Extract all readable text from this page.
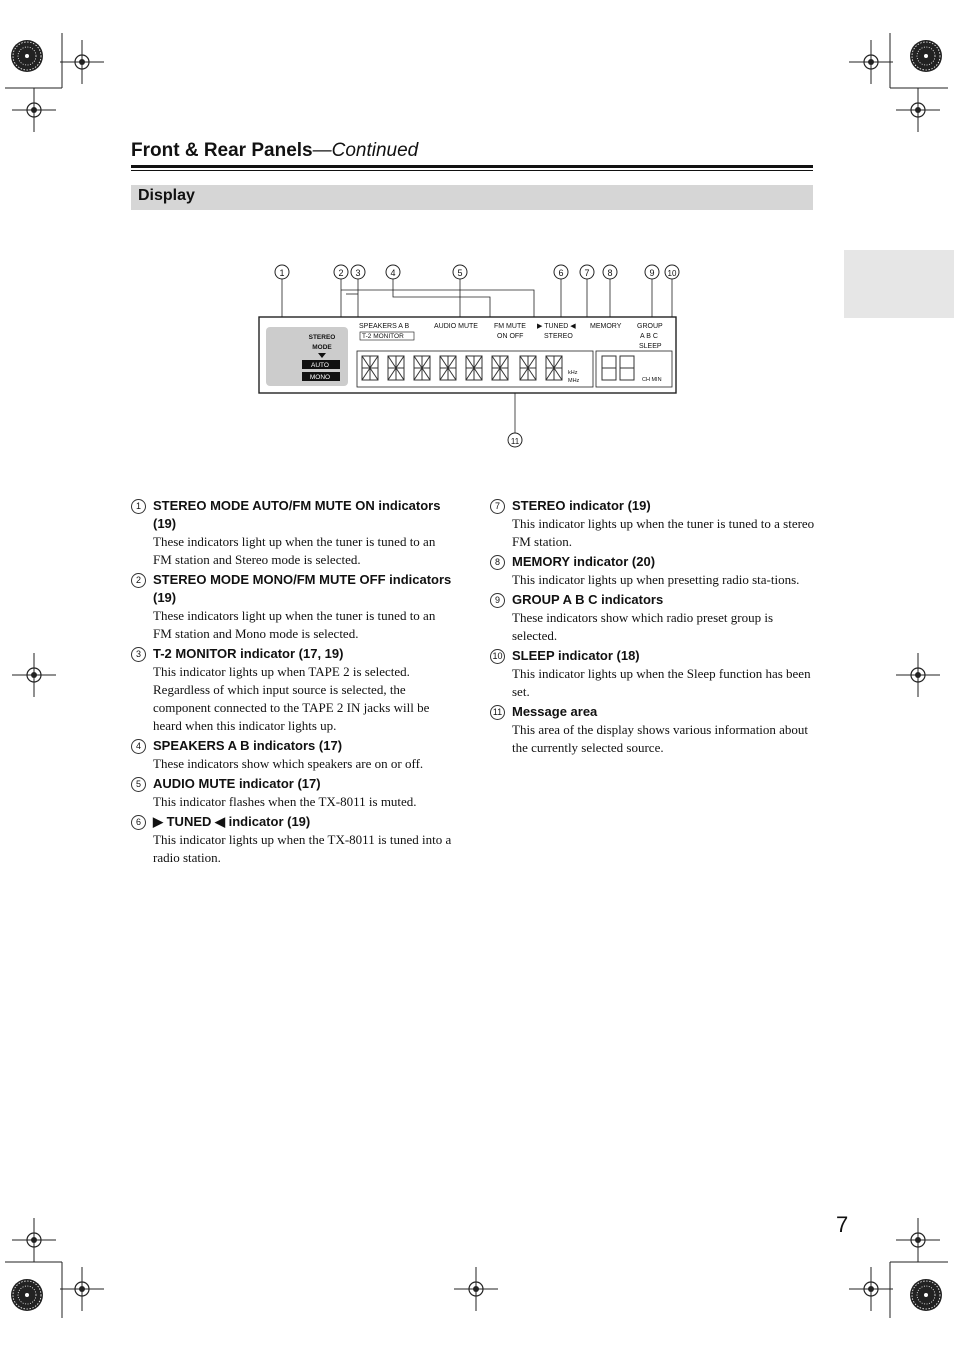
Front & Rear Panels—Continued
Display
1	2 3	4	5	6 7 8	9 10
11
STEREO
MODE
AUTO
MONO
SPEAKERS A B
T-2 MONITOR
AUDIO MUTE FM MUTE
ON OFF
▶ TUNED ◀
STEREO
MEMORY GROUP
A B C
SLEEP
kHz
MHz	CH MIN
1 STEREO MODE AUTO/FM MUTE ON indicators (19)
These indicators light up when the tuner is tuned to an FM station and Stereo mode is selected.
2 STEREO MODE MONO/FM MUTE OFF indicators (19)
These indicators light up when the tuner is tuned to an FM station and Mono mode is selected.
3 T-2 MONITOR indicator (17, 19)
This indicator lights up when TAPE 2 is selected. Regardless of which input source is selected, the component connected to the TAPE 2 IN jacks will be heard when this indicator lights up.
4 SPEAKERS A B indicators (17)
These indicators show which speakers are on or off.
5 AUDIO MUTE indicator (17)
This indicator flashes when the TX-8011 is muted.
6 ▶ TUNED ◀ indicator (19)
This indicator lights up when the TX-8011 is tuned into a radio station.
7 STEREO indicator (19)
This indicator lights up when the tuner is tuned to a stereo FM station.
8 MEMORY indicator (20)
This indicator lights up when presetting radio sta-tions.
9 GROUP A B C indicators
These indicators show which radio preset group is selected.
10 SLEEP indicator (18)
This indicator lights up when the Sleep function has been set.
11 Message area
This area of the display shows various information about the currently selected source.
7
